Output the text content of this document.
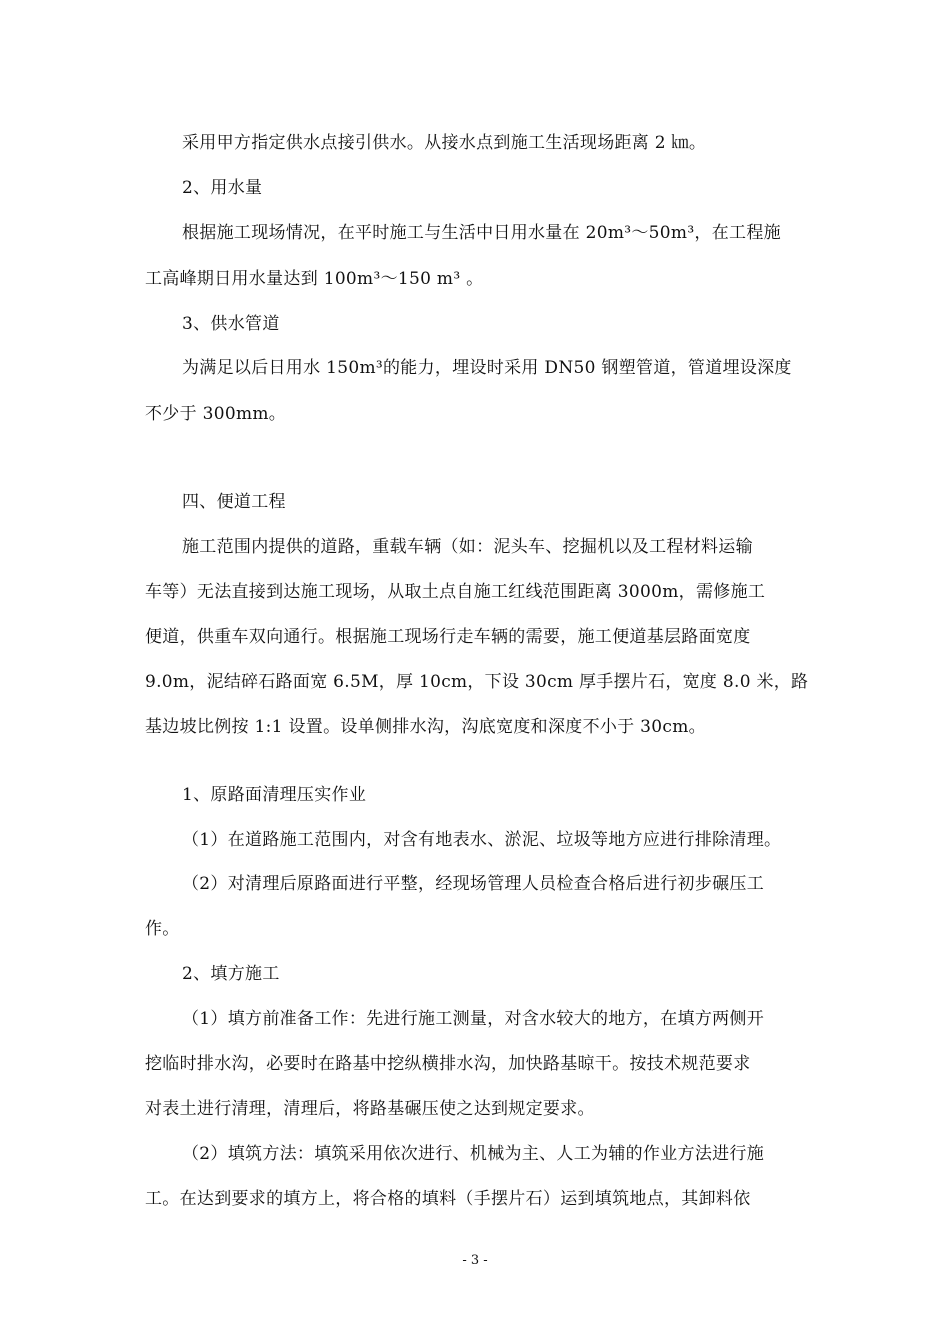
采用甲方指定供水点接引供水。从接水点到施工生活现场距离 2 ㎞。
2、用水量
根据施工现场情况，在平时施工与生活中日用水量在 20m³～50m³，在工程施
工高峰期日用水量达到 100m³～150 m³ 。
3、供水管道
为满足以后日用水 150m³的能力，埋设时采用 DN50 钢塑管道，管道埋设深度
不少于 300mm。
四、便道工程
施工范围内提供的道路，重载车辆（如：泥头车、挖掘机以及工程材料运输
车等）无法直接到达施工现场，从取土点自施工红线范围距离 3000m，需修施工
便道，供重车双向通行。根据施工现场行走车辆的需要，施工便道基层路面宽度
9.0m，泥结碎石路面宽 6.5M，厚 10cm，下设 30cm 厚手摆片石，宽度 8.0 米，路
基边坡比例按 1:1 设置。设单侧排水沟，沟底宽度和深度不小于 30cm。
1、原路面清理压实作业
（1）在道路施工范围内，对含有地表水、淤泥、垃圾等地方应进行排除清理。
（2）对清理后原路面进行平整，经现场管理人员检查合格后进行初步碾压工
作。
2、填方施工
（1）填方前准备工作：先进行施工测量，对含水较大的地方，在填方两侧开
挖临时排水沟，必要时在路基中挖纵横排水沟，加快路基晾干。按技术规范要求
对表土进行清理，清理后，将路基碾压使之达到规定要求。
（2）填筑方法：填筑采用依次进行、机械为主、人工为辅的作业方法进行施
工。在达到要求的填方上，将合格的填料（手摆片石）运到填筑地点，其卸料依
- 3 -
